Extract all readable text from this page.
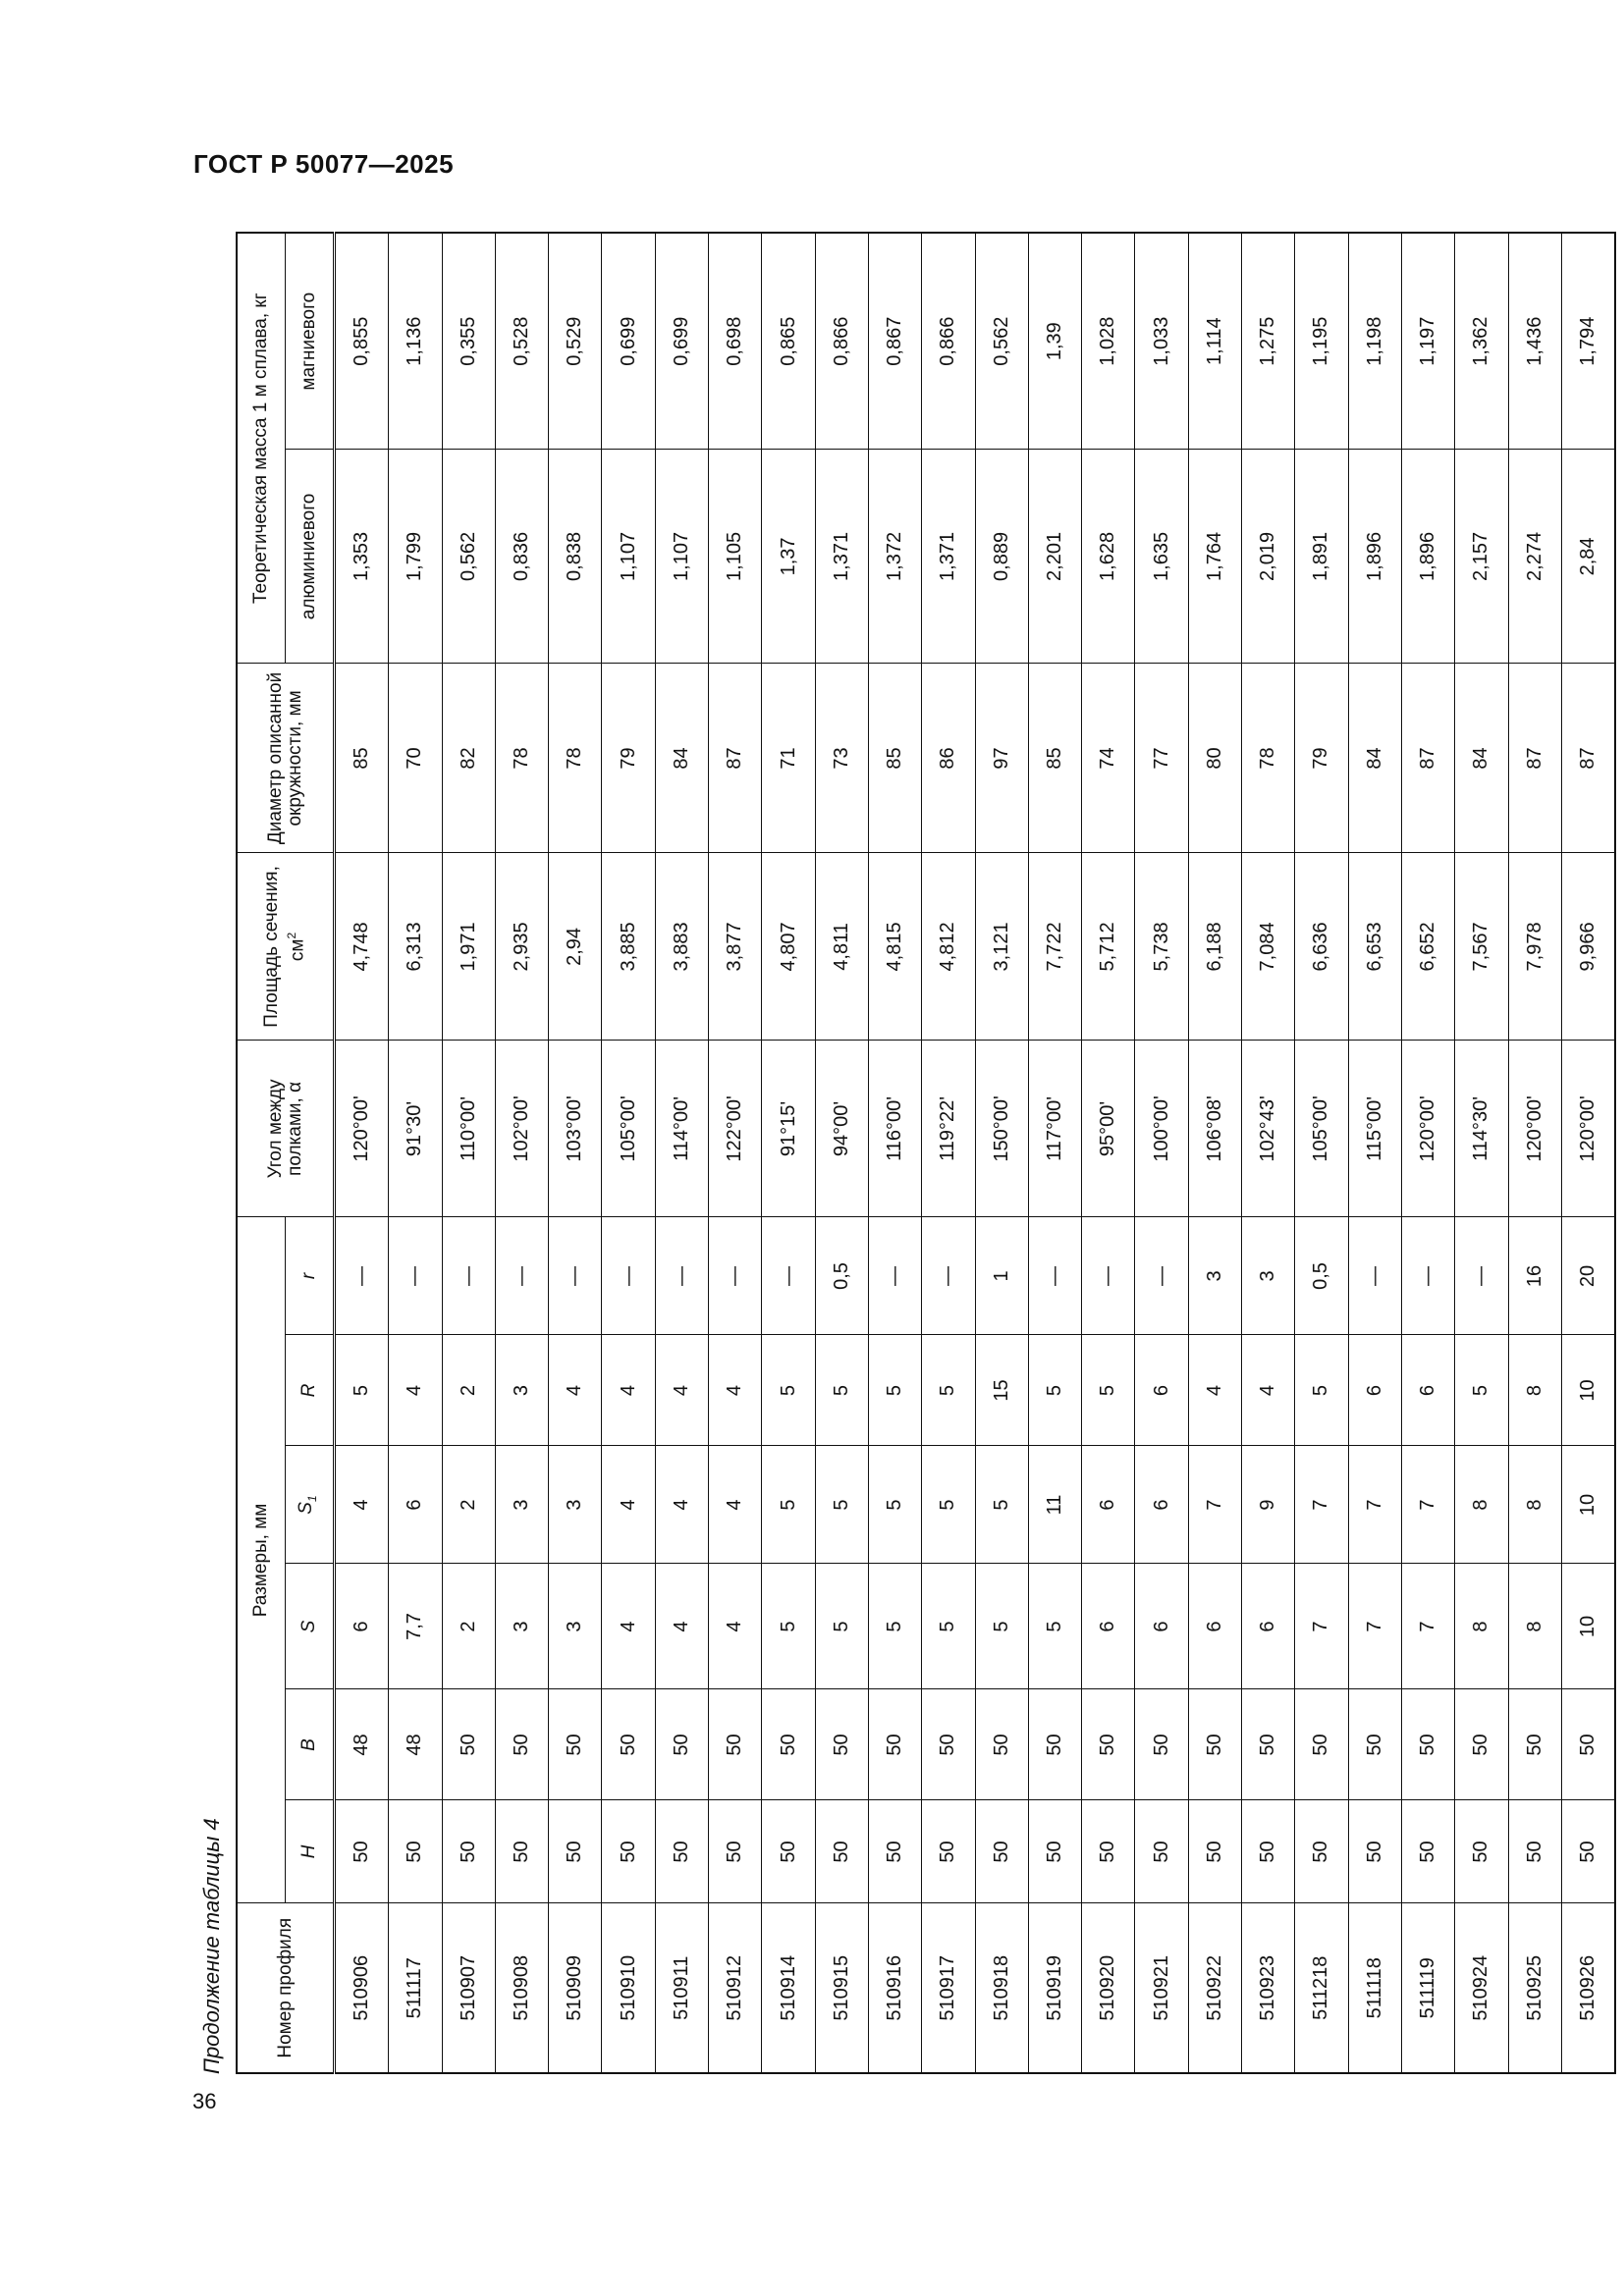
ГОСТ Р 50077—2025
36
Продолжение таблицы 4	Номер профиля	Размеры, мм						Угол между полками, α	Площадь сечения, $см^2$	Диаметр описанной окружности, мм	Теоретическая масса 1 м сплава, кг	
	H	B	S	$S_1$	R	r				алюминиевого	магниевого
510906	50	48	6	4	5	—	120°00'	4,748	85	1,353	0,855
511117	50	48	7,7	6	4	—	91°30'	6,313	70	1,799	1,136
510907	50	50	2	2	2	—	110°00'	1,971	82	0,562	0,355
510908	50	50	3	3	3	—	102°00'	2,935	78	0,836	0,528
510909	50	50	3	3	4	—	103°00'	2,94	78	0,838	0,529
510910	50	50	4	4	4	—	105°00'	3,885	79	1,107	0,699
510911	50	50	4	4	4	—	114°00'	3,883	84	1,107	0,699
510912	50	50	4	4	4	—	122°00'	3,877	87	1,105	0,698
510914	50	50	5	5	5	—	91°15'	4,807	71	1,37	0,865
510915	50	50	5	5	5	0,5	94°00'	4,811	73	1,371	0,866
510916	50	50	5	5	5	—	116°00'	4,815	85	1,372	0,867
510917	50	50	5	5	5	—	119°22'	4,812	86	1,371	0,866
510918	50	50	5	5	15	1	150°00'	3,121	97	0,889	0,562
510919	50	50	5	11	5	—	117°00'	7,722	85	2,201	1,39
510920	50	50	6	6	5	—	95°00'	5,712	74	1,628	1,028
510921	50	50	6	6	6	—	100°00'	5,738	77	1,635	1,033
510922	50	50	6	7	4	3	106°08'	6,188	80	1,764	1,114
510923	50	50	6	9	4	3	102°43'	7,084	78	2,019	1,275
511218	50	50	7	7	5	0,5	105°00'	6,636	79	1,891	1,195
511118	50	50	7	7	6	—	115°00'	6,653	84	1,896	1,198
511119	50	50	7	7	6	—	120°00'	6,652	87	1,896	1,197
510924	50	50	8	8	5	—	114°30'	7,567	84	2,157	1,362
510925	50	50	8	8	8	16	120°00'	7,978	87	2,274	1,436
510926	50	50	10	10	10	20	120°00'	9,966	87	2,84	1,794
